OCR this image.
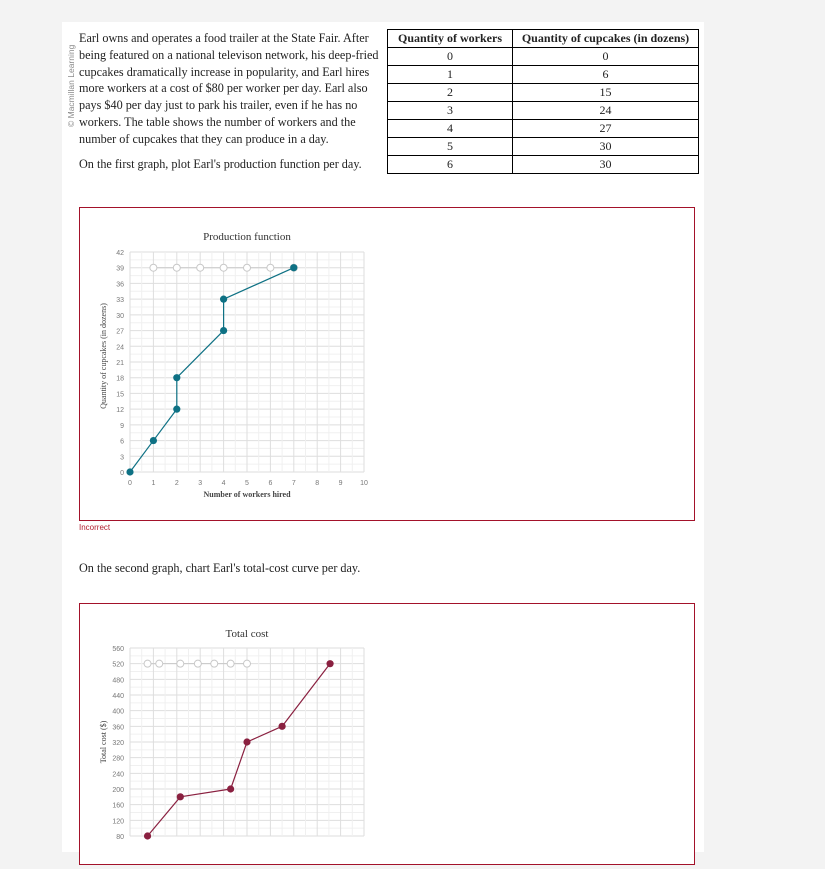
© Macmillan Learning
Earl owns and operates a food trailer at the State Fair. After being featured on a national televison network, his deep-fried cupcakes dramatically increase in popularity, and Earl hires more workers at a cost of $80 per worker per day. Earl also pays $40 per day just to park his trailer, even if he has no workers. The table shows the number of workers and the number of cupcakes that they can produce in a day.
On the first graph, plot Earl's production function per day.
Quantity of workers	Quantity of cupcakes (in dozens)
0	0
1	6
2	15
3	24
4	27
5	30
6	30
0
3
6
9
12
15
18
21
24
27
30
33
36
39
42
0	1	2	3	4	5	6	7	8	9	10
Production function
Number of workers hired
Quantity of cupcakes (in dozens)
Incorrect
On the second graph, chart Earl's total-cost curve per day.
80
120
160
200
240
280
320
360
400
440
480
520
560
Total cost
Total cost ($)
